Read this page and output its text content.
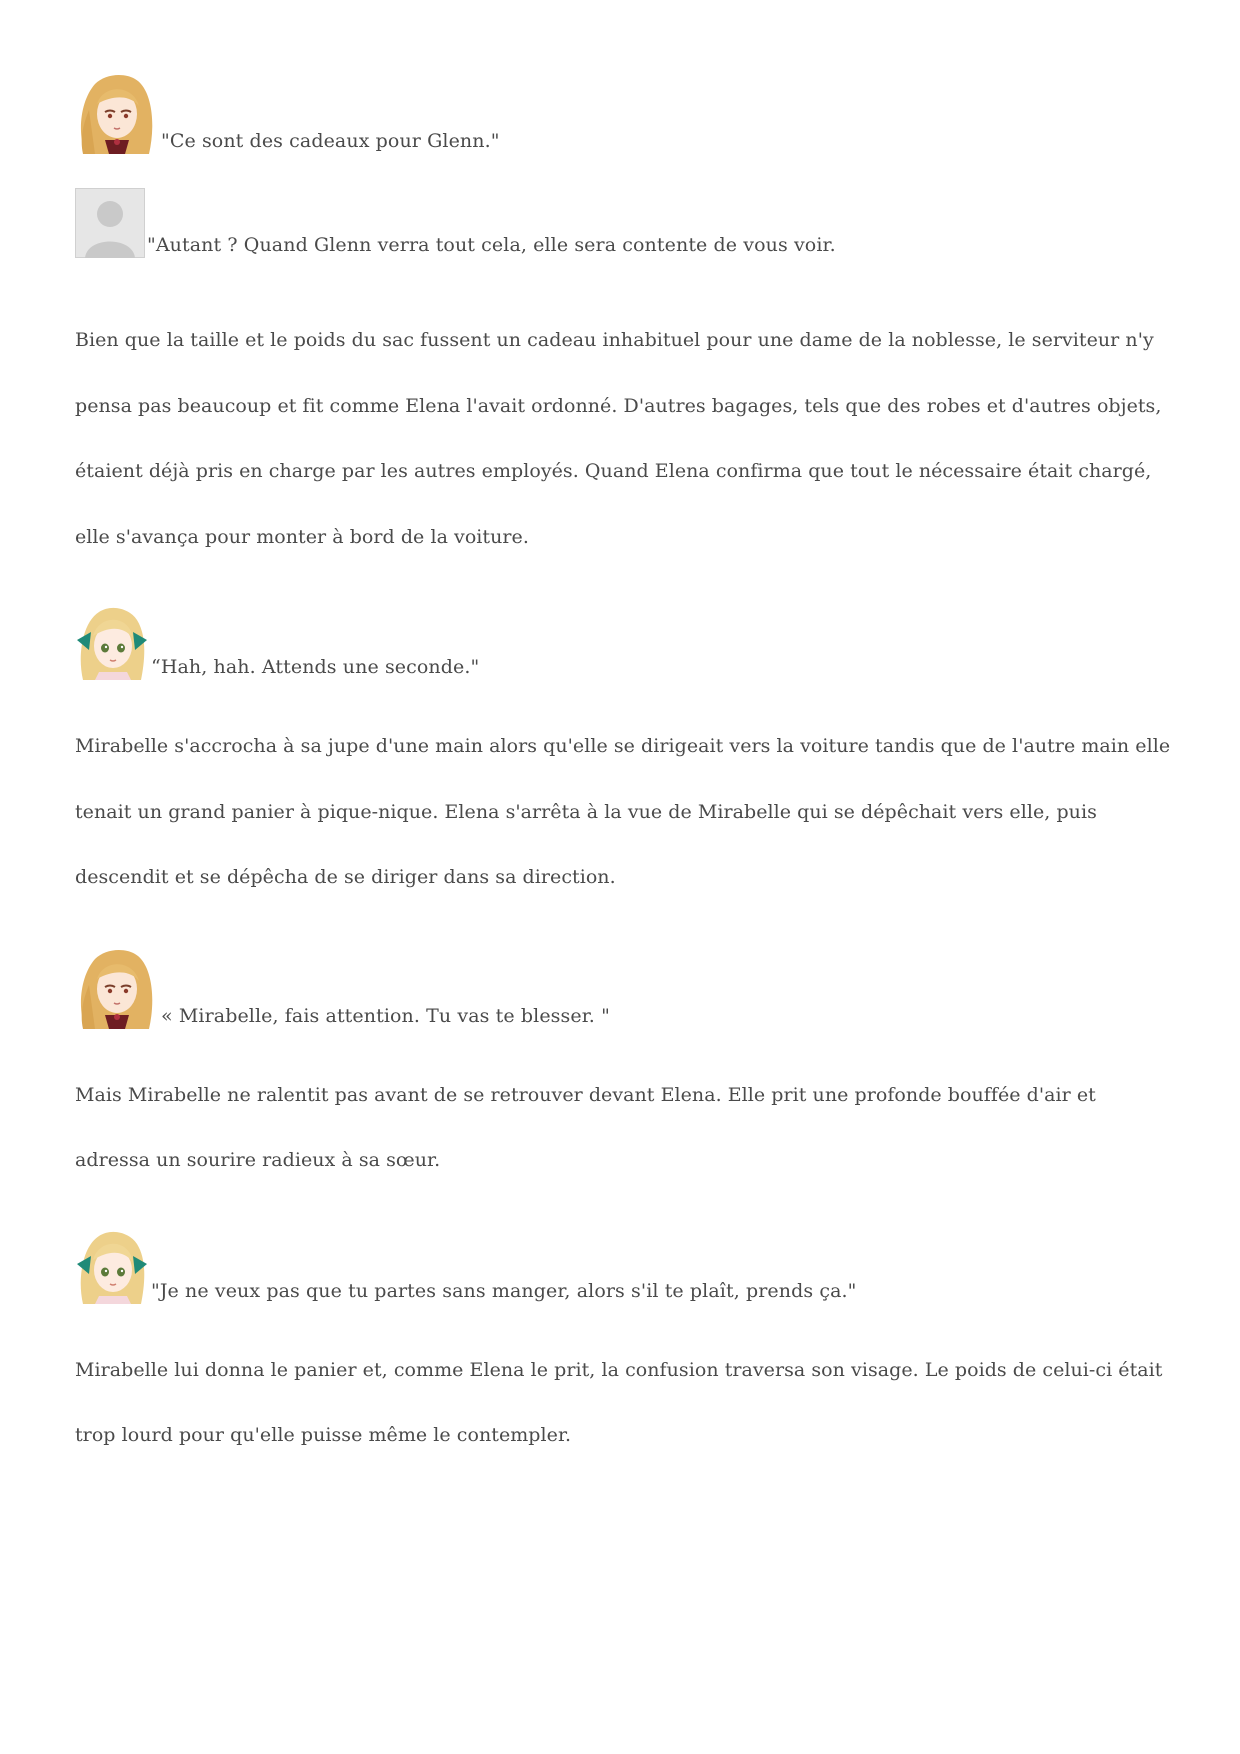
"Ce sont des cadeaux pour Glenn."
"Autant ? Quand Glenn verra tout cela, elle sera contente de vous voir.

Bien que la taille et le poids du sac fussent un cadeau inhabituel pour une dame de la noblesse, le serviteur n'y pensa pas beaucoup et fit comme Elena l'avait ordonné. D'autres bagages, tels que des robes et d'autres objets, étaient déjà pris en charge par les autres employés. Quand Elena confirma que tout le nécessaire était chargé, elle s'avança pour monter à bord de la voiture.

“Hah, hah. Attends une seconde."

Mirabelle s'accrocha à sa jupe d'une main alors qu'elle se dirigeait vers la voiture tandis que de l'autre main elle tenait un grand panier à pique-nique. Elena s'arrêta à la vue de Mirabelle qui se dépêchait vers elle, puis descendit et se dépêcha de se diriger dans sa direction.

« Mirabelle, fais attention. Tu vas te blesser. "

Mais Mirabelle ne ralentit pas avant de se retrouver devant Elena. Elle prit une profonde bouffée d'air et adressa un sourire radieux à sa sœur.

"Je ne veux pas que tu partes sans manger, alors s'il te plaît, prends ça."

Mirabelle lui donna le panier et, comme Elena le prit, la confusion traversa son visage. Le poids de celui-ci était trop lourd pour qu'elle puisse même le contempler.
